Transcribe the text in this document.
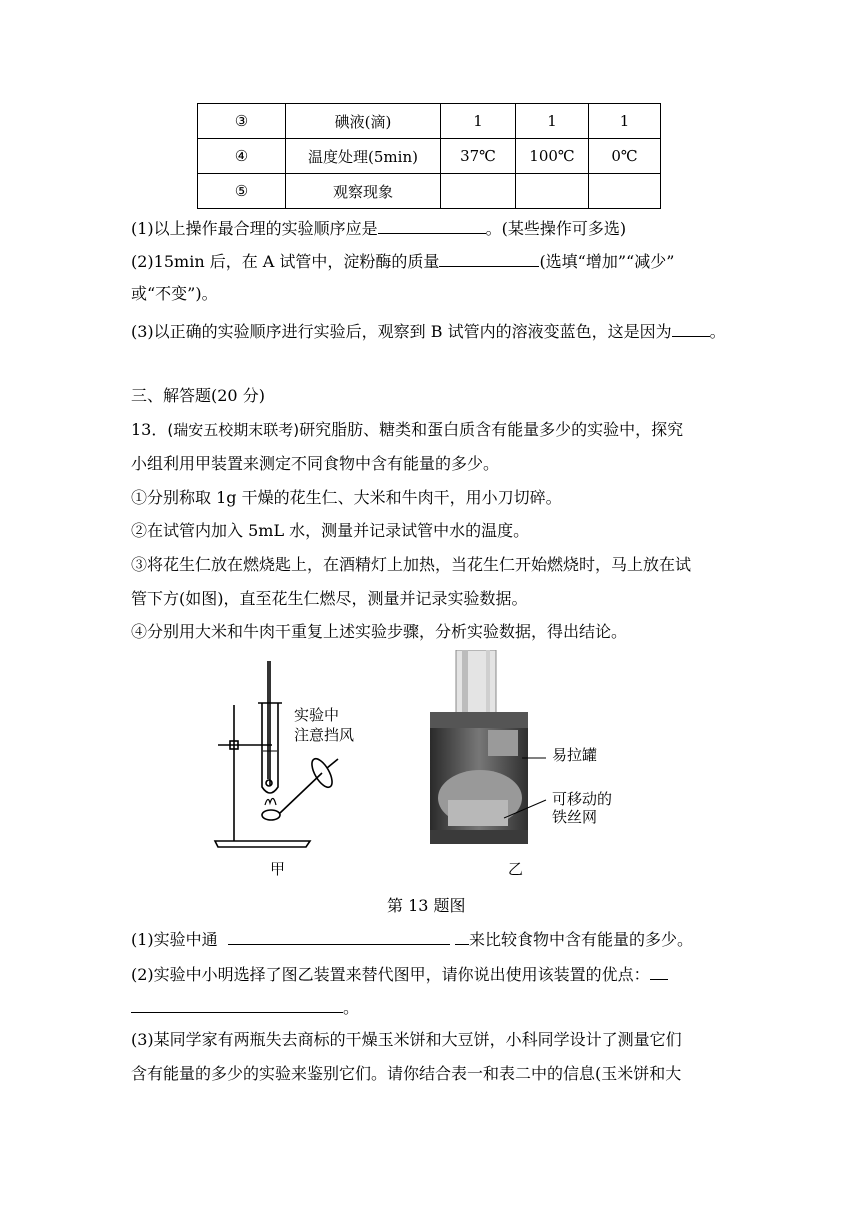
③	碘液(滴)	1	1	1
④	温度处理(5min)	37℃	100℃	0℃
⑤	观察现象			
(1)以上操作最合理的实验顺序应是	。(某些操作可多选)
(2)15min 后，在 A 试管中，淀粉酶的质量	(选填“增加”“减少”
或“不变”)。
(3)以正确的实验顺序进行实验后，观察到 B 试管内的溶液变蓝色，这是因为 。
三、解答题(20 分)
13．(瑞安五校期末联考)研究脂肪、糖类和蛋白质含有能量多少的实验中，探究
小组利用甲装置来测定不同食物中含有能量的多少。
①分别称取 1g 干燥的花生仁、大米和牛肉干，用小刀切碎。
②在试管内加入 5mL 水，测量并记录试管中水的温度。
③将花生仁放在燃烧匙上，在酒精灯上加热，当花生仁开始燃烧时，马上放在试
管下方(如图)，直至花生仁燃尽，测量并记录实验数据。
④分别用大米和牛肉干重复上述实验步骤，分析实验数据，得出结论。
实验中
注意挡风
甲
易拉罐
可移动的
铁丝网
乙
第 13 题图
(1)实验中通	来比较食物中含有能量的多少。
(2)实验中小明选择了图乙装置来替代图甲，请你说出使用该装置的优点：
。
(3)某同学家有两瓶失去商标的干燥玉米饼和大豆饼，小科同学设计了测量它们
含有能量的多少的实验来鉴别它们。请你结合表一和表二中的信息(玉米饼和大
